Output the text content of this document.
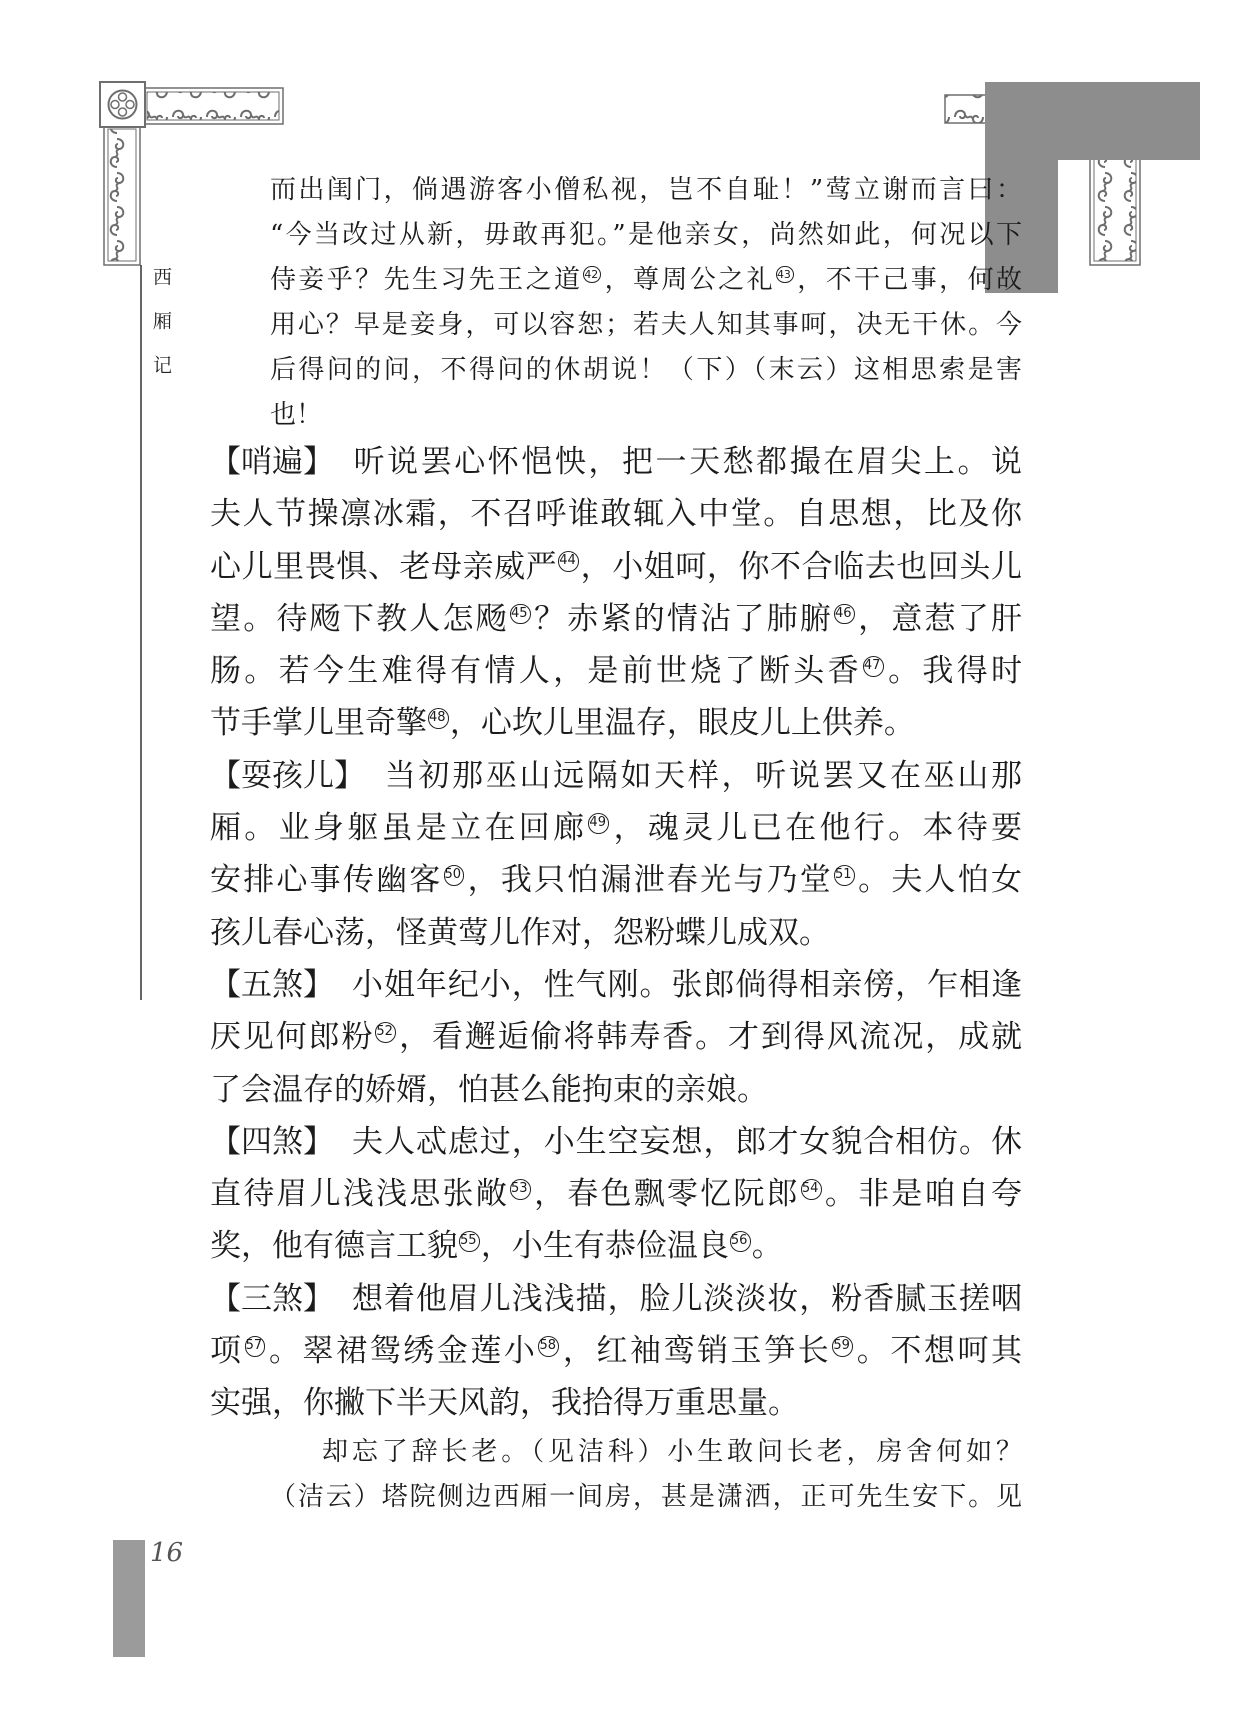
西厢记
而出闺门，倘遇游客小僧私视，岂不自耻！”莺立谢而言曰：
“今当改过从新，毋敢再犯。”是他亲女，尚然如此，何况以下
侍妾乎？先生习先王之道 42 ，尊周公之礼 43 ，不干己事，何故
用心？早是妾身，可以容恕；若夫人知其事呵，决无干休。今
后得问的问，不得问的休胡说！（下）（末云）这相思索是害
也！
【哨遍】 听说罢心怀悒怏，把一天愁都撮在眉尖上。说
夫人节操凛冰霜，不召呼谁敢辄入中堂。自思想，比及你
心儿里畏惧、老母亲威严 44 ，小姐呵，你不合临去也回头儿
望。待飏下教人怎飏 45 ？赤紧的情沾了肺腑 46 ，意惹了肝
肠。若今生难得有情人，是前世烧了断头香 47 。我得时
节手掌儿里奇擎 48 ，心坎儿里温存，眼皮儿上供养。
【耍孩儿】 当初那巫山远隔如天样，听说罢又在巫山那
厢。业身躯虽是立在回廊 49 ，魂灵儿已在他行。本待要
安排心事传幽客 50 ，我只怕漏泄春光与乃堂 51 。夫人怕女
孩儿春心荡，怪黄莺儿作对，怨粉蝶儿成双。
【五煞】 小姐年纪小，性气刚。张郎倘得相亲傍，乍相逢
厌见何郎粉 52 ，看邂逅偷将韩寿香。才到得风流况，成就
了会温存的娇婿，怕甚么能拘束的亲娘。
【四煞】 夫人忒虑过，小生空妄想，郎才女貌合相仿。休
直待眉儿浅浅思张敞 53 ，春色飘零忆阮郎 54 。非是咱自夸
奖，他有德言工貌 55 ，小生有恭俭温良 56 。
【三煞】 想着他眉儿浅浅描，脸儿淡淡妆，粉香腻玉搓咽
项 57 。翠裙鸳绣金莲小 58 ，红袖鸾销玉笋长 59 。不想呵其
实强，你撇下半天风韵，我拾得万重思量。
却忘了辞长老。（见洁科）小生敢问长老，房舍何如？
（洁云）塔院侧边西厢一间房，甚是潇洒，正可先生安下。见
16
